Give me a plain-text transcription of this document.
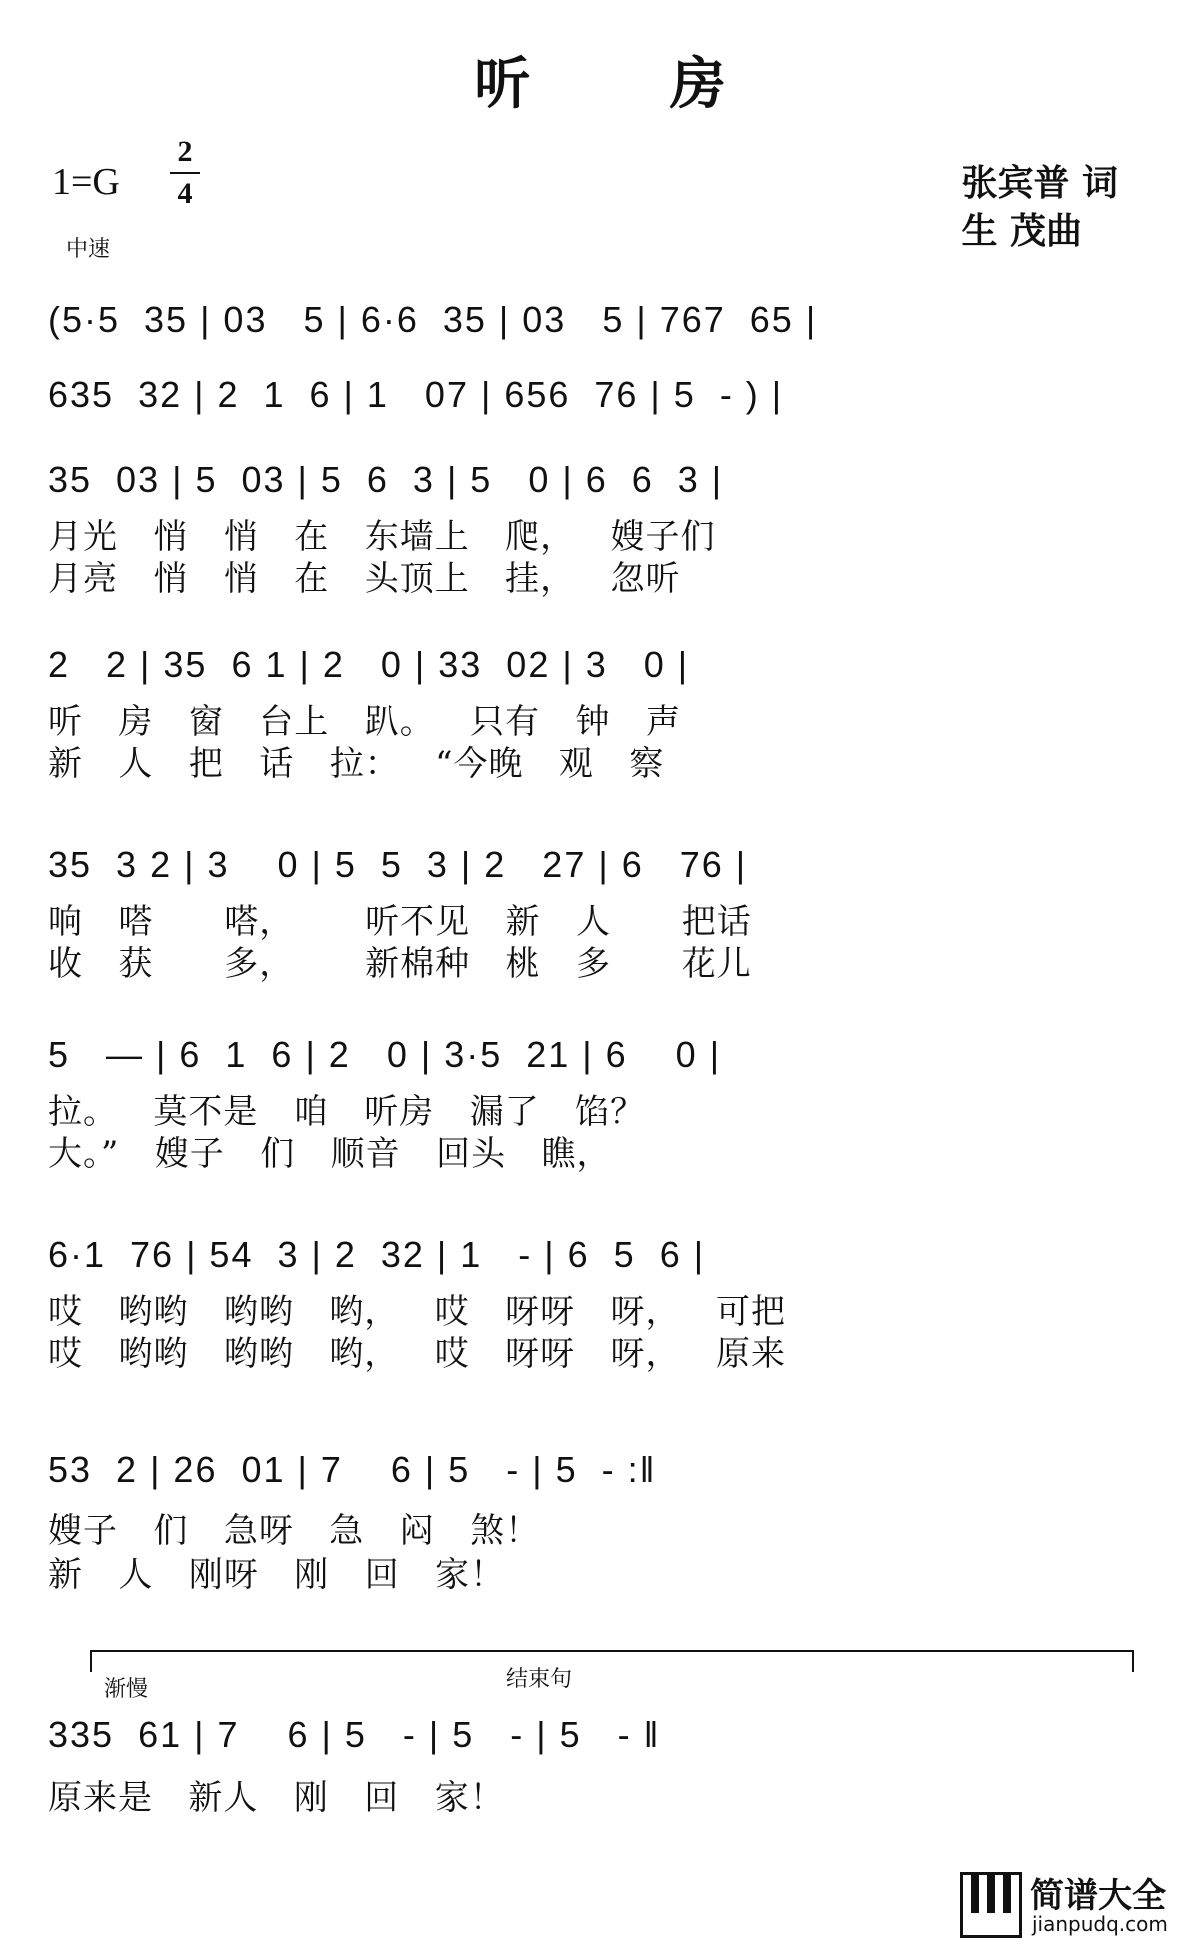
听 房
1=G
2
4
中速
张宾普 词
生 茂曲
(5·5  35 | 03   5 | 6·6  35 | 03   5 | 767  65 |
635  32 | 2  1  6 | 1   07 | 656  76 | 5  - ) |
35  03 | 5  03 | 5  6  3 | 5   0 | 6  6  3 |
月光   悄   悄   在   东墙上   爬，   嫂子们
月亮   悄   悄   在   头顶上   挂，   忽听
2   2 | 35  6 1 | 2   0 | 33  02 | 3   0 |
听   房   窗   台上   趴。   只有   钟   声
新   人   把   话   拉：   “今晚   观   察
35  3 2 | 3    0 | 5  5  3 | 2   27 | 6   76 |
响   嗒      嗒，      听不见   新   人      把话
收   获      多，      新棉种   桃   多      花儿
5   — | 6  1  6 | 2   0 | 3·5  21 | 6    0 |
拉。   莫不是   咱   听房   漏了   馅？
大。”   嫂子   们   顺音   回头   瞧，
6·1  76 | 54  3 | 2  32 | 1   - | 6  5  6 |
哎   哟哟   哟哟   哟，   哎   呀呀   呀，   可把
哎   哟哟   哟哟   哟，   哎   呀呀   呀，   原来
53  2 | 26  01 | 7    6 | 5   - | 5  - :‖
嫂子   们   急呀   急   闷   煞！
新   人   刚呀   刚   回   家！
渐慢	结束句
335  61 | 7    6 | 5   - | 5   - | 5   - ‖
原来是   新人   刚   回   家！
简谱大全
jianpudq.com
